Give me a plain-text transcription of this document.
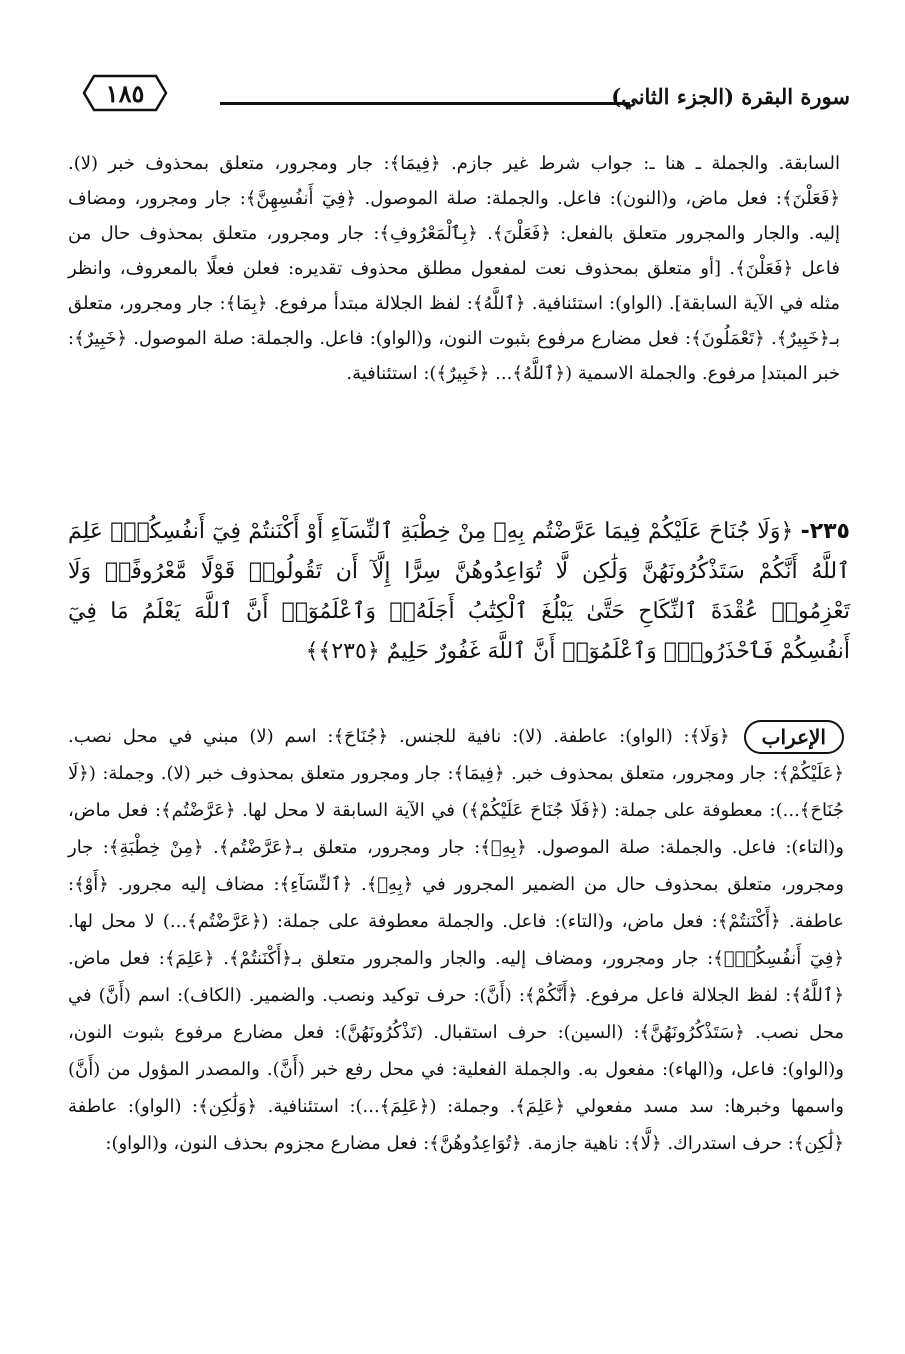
١٨٥	سورة البقرة (الجزء الثاني)
السابقة. والجملة ـ هنا ـ: جواب شرط غير جازم. ﴿فِيمَا﴾: جار ومجرور، متعلق بمحذوف خبر (لا). ﴿فَعَلْنَ﴾: فعل ماض، و(النون): فاعل. والجملة: صلة الموصول. ﴿فِيٓ أَنفُسِهِنَّ﴾: جار ومجرور، ومضاف إليه. والجار والمجرور متعلق بالفعل: ﴿فَعَلْنَ﴾. ﴿بِٱلْمَعْرُوفِ﴾: جار ومجرور، متعلق بمحذوف حال من فاعل ﴿فَعَلْنَ﴾. [أو متعلق بمحذوف نعت لمفعول مطلق محذوف تقديره: فعلن فعلًا بالمعروف، وانظر مثله في الآية السابقة]. (الواو): استئنافية. ﴿ٱللَّهُ﴾: لفظ الجلالة مبتدأ مرفوع. ﴿بِمَا﴾: جار ومجرور، متعلق بـ﴿خَبِيرٌ﴾. ﴿تَعْمَلُونَ﴾: فعل مضارع مرفوع بثبوت النون، و(الواو): فاعل. والجملة: صلة الموصول. ﴿خَبِيرٌ﴾: خبر المبتدإ مرفوع. والجملة الاسمية (﴿ٱللَّهُ﴾... ﴿خَبِيرٌ﴾): استئنافية.
٢٣٥- ﴿وَلَا جُنَاحَ عَلَيْكُمْ فِيمَا عَرَّضْتُم بِهِۦ مِنْ خِطْبَةِ ٱلنِّسَآءِ أَوْ أَكْنَنتُمْ فِيٓ أَنفُسِكُمْۚ عَلِمَ ٱللَّهُ أَنَّكُمْ سَتَذْكُرُونَهُنَّ وَلَٰكِن لَّا تُوَاعِدُوهُنَّ سِرًّا إِلَّآ أَن تَقُولُوا۟ قَوْلًا مَّعْرُوفًاۚ وَلَا تَعْزِمُوا۟ عُقْدَةَ ٱلنِّكَاحِ حَتَّىٰ يَبْلُغَ ٱلْكِتَٰبُ أَجَلَهُۥۚ وَٱعْلَمُوٓا۟ أَنَّ ٱللَّهَ يَعْلَمُ مَا فِيٓ أَنفُسِكُمْ فَٱحْذَرُوهُۚ وَٱعْلَمُوٓا۟ أَنَّ ٱللَّهَ غَفُورٌ حَلِيمٌ ﴿٢٣٥﴾﴾
الإعراب
﴿وَلَا﴾: (الواو): عاطفة. (لا): نافية للجنس. ﴿جُنَاحَ﴾: اسم (لا) مبني في محل نصب. ﴿عَلَيْكُمْ﴾: جار ومجرور، متعلق بمحذوف خبر. ﴿فِيمَا﴾: جار ومجرور متعلق بمحذوف خبر (لا). وجملة: (﴿لَا جُنَاحَ﴾...): معطوفة على جملة: (﴿فَلَا جُنَاحَ عَلَيْكُمْ﴾) في الآية السابقة لا محل لها. ﴿عَرَّضْتُم﴾: فعل ماض، و(التاء): فاعل. والجملة: صلة الموصول. ﴿بِهِۦ﴾: جار ومجرور، متعلق بـ﴿عَرَّضْتُم﴾. ﴿مِنْ خِطْبَةِ﴾: جار ومجرور، متعلق بمحذوف حال من الضمير المجرور في ﴿بِهِۦ﴾. ﴿ٱلنِّسَآءِ﴾: مضاف إليه مجرور. ﴿أَوْ﴾: عاطفة. ﴿أَكْنَنتُمْ﴾: فعل ماض، و(التاء): فاعل. والجملة معطوفة على جملة: (﴿عَرَّضْتُم﴾...) لا محل لها. ﴿فِيٓ أَنفُسِكُمْۚ﴾: جار ومجرور، ومضاف إليه. والجار والمجرور متعلق بـ﴿أَكْنَنتُمْ﴾. ﴿عَلِمَ﴾: فعل ماض. ﴿ٱللَّهُ﴾: لفظ الجلالة فاعل مرفوع. ﴿أَنَّكُمْ﴾: (أَنَّ): حرف توكيد ونصب. والضمير. (الكاف): اسم (أَنَّ) في محل نصب. ﴿سَتَذْكُرُونَهُنَّ﴾: (السين): حرف استقبال. (تَذْكُرُونَهُنَّ): فعل مضارع مرفوع بثبوت النون، و(الواو): فاعل، و(الهاء): مفعول به. والجملة الفعلية: في محل رفع خبر (أَنَّ). والمصدر المؤول من (أَنَّ) واسمها وخبرها: سد مسد مفعولي ﴿عَلِمَ﴾. وجملة: (﴿عَلِمَ﴾...): استئنافية. ﴿وَلَٰكِن﴾: (الواو): عاطفة ﴿لَٰكِن﴾: حرف استدراك. ﴿لَّا﴾: ناهية جازمة. ﴿تُوَاعِدُوهُنَّ﴾: فعل مضارع مجزوم بحذف النون، و(الواو):
